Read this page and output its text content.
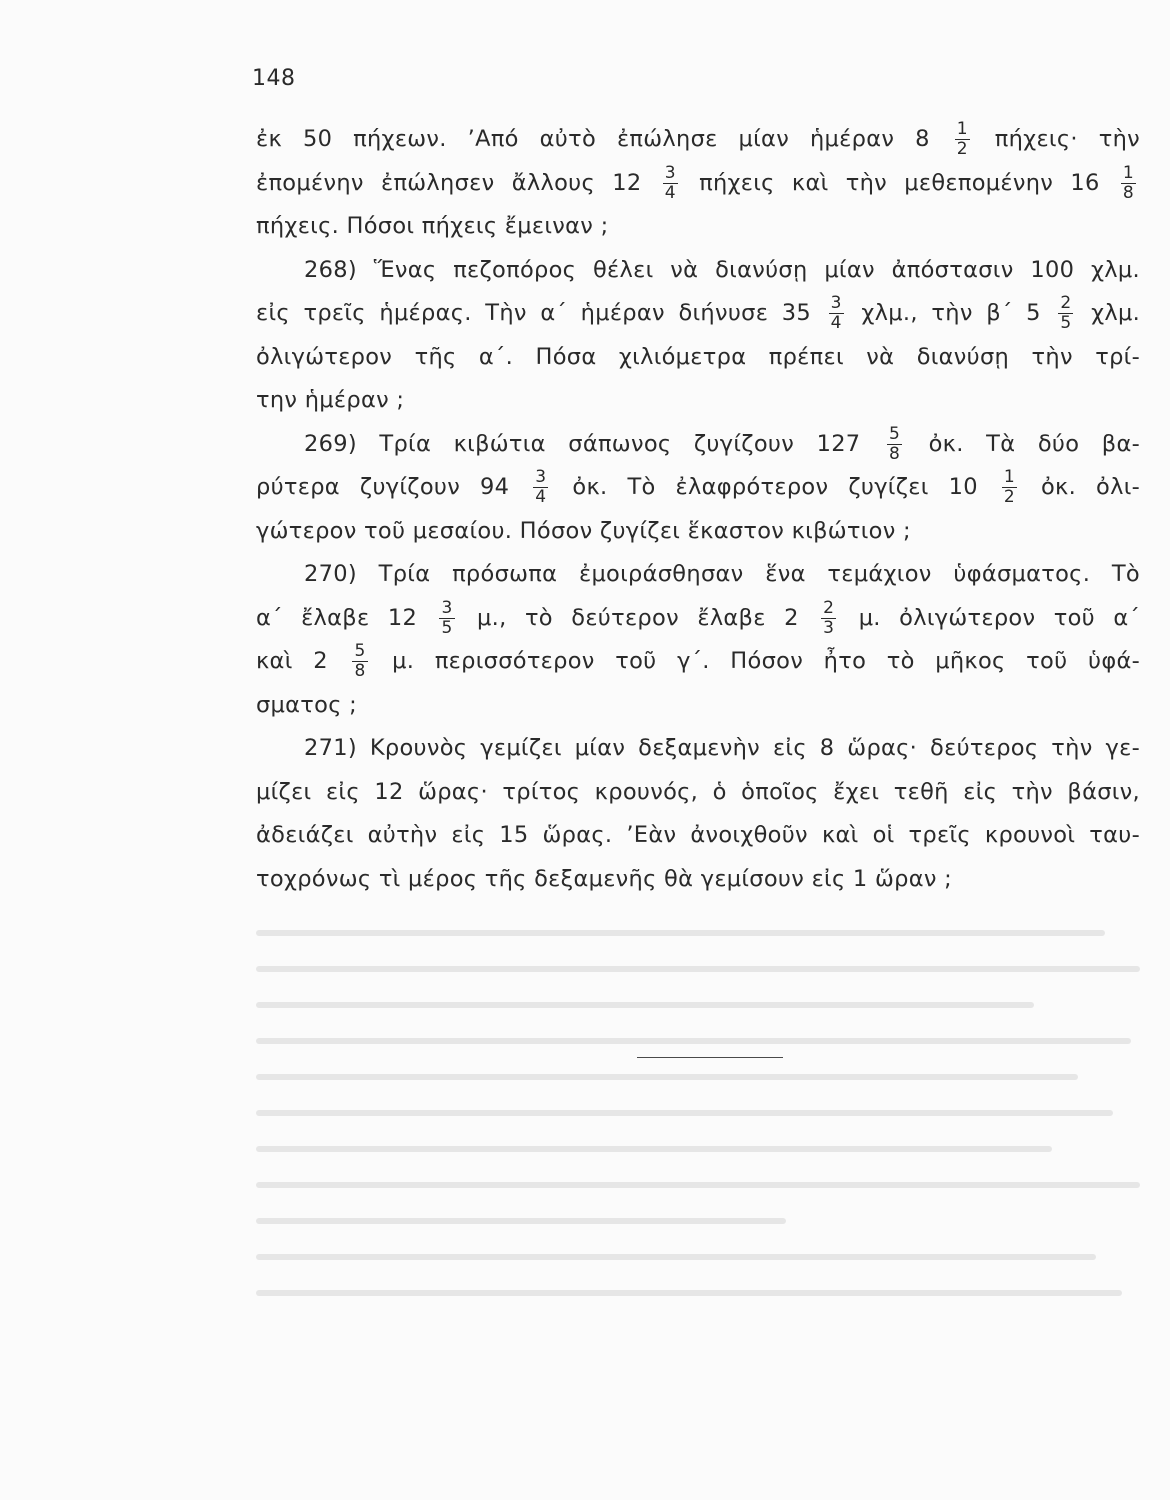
148
ἐκ 50 πήχεων. ’Από αὐτὸ ἐπώλησε μίαν ἡμέραν $8 \frac{1}{2} \pi ή\chi\varepsilon\iota\varsigma\cdot$ τὴν
ἐπομένην ἐπώλησεν ἄλλους $12 \frac{3}{4}$ πήχεις καὶ τὴν μεθεπομένην $16 \frac{1}{8}$
πήχεις. Πόσοι πήχεις ἔμειναν ;
268) Ἕνας πεζοπόρος θέλει νὰ διανύσῃ μίαν ἀπόστασιν 100 χλμ.
εἰς τρεῖς ἡμέρας. Τὴν α΄ ἡμέραν διήνυσε $35 \frac{3}{4} \chi\lambda\mu$., τὴν β΄ $5 \frac{2}{5} \chi\lambda\mu$.
ὀλιγώτερον τῆς α΄. Πόσα χιλιόμετρα πρέπει νὰ διανύσῃ τὴν τρί-
την ἡμέραν ;
269) Τρία κιβώτια σάπωνος ζυγίζουν $127 \frac{5}{8}$ ὀκ. Τὰ δύο βα-
ρύτερα ζυγίζουν $94 \frac{3}{4}$ ὀκ. Τὸ ἐλαφρότερον ζυγίζει $10 \frac{1}{2}$ ὀκ. ὀλι-
γώτερον τοῦ μεσαίου. Πόσον ζυγίζει ἕκαστον κιβώτιον ;
270) Τρία πρόσωπα ἐμοιράσθησαν ἕνα τεμάχιον ὑφάσματος. Τὸ
α΄ ἔλαβε $12 \frac{3}{5} \mu$., τὸ δεύτερον ἔλαβε $2 \frac{2}{3} \mu$. ὀλιγώτερον τοῦ α΄
καὶ $2 \frac{5}{8} \mu$. περισσότερον τοῦ γ΄. Πόσον ἦτο τὸ μῆκος τοῦ ὑφά-
σματος ;
271) Κρουνὸς γεμίζει μίαν δεξαμενὴν εἰς 8 ὥρας· δεύτερος τὴν γε-
μίζει εἰς 12 ὥρας· τρίτος κρουνός, ὁ ὁποῖος ἔχει τεθῆ εἰς τὴν βάσιν,
ἀδειάζει αὐτὴν εἰς 15 ὥρας. ’Εὰν ἀνοιχθοῦν καὶ οἱ τρεῖς κρουνοὶ ταυ-
τοχρόνως τὶ μέρος τῆς δεξαμενῆς θὰ γεμίσουν εἰς 1 ὥραν ;
